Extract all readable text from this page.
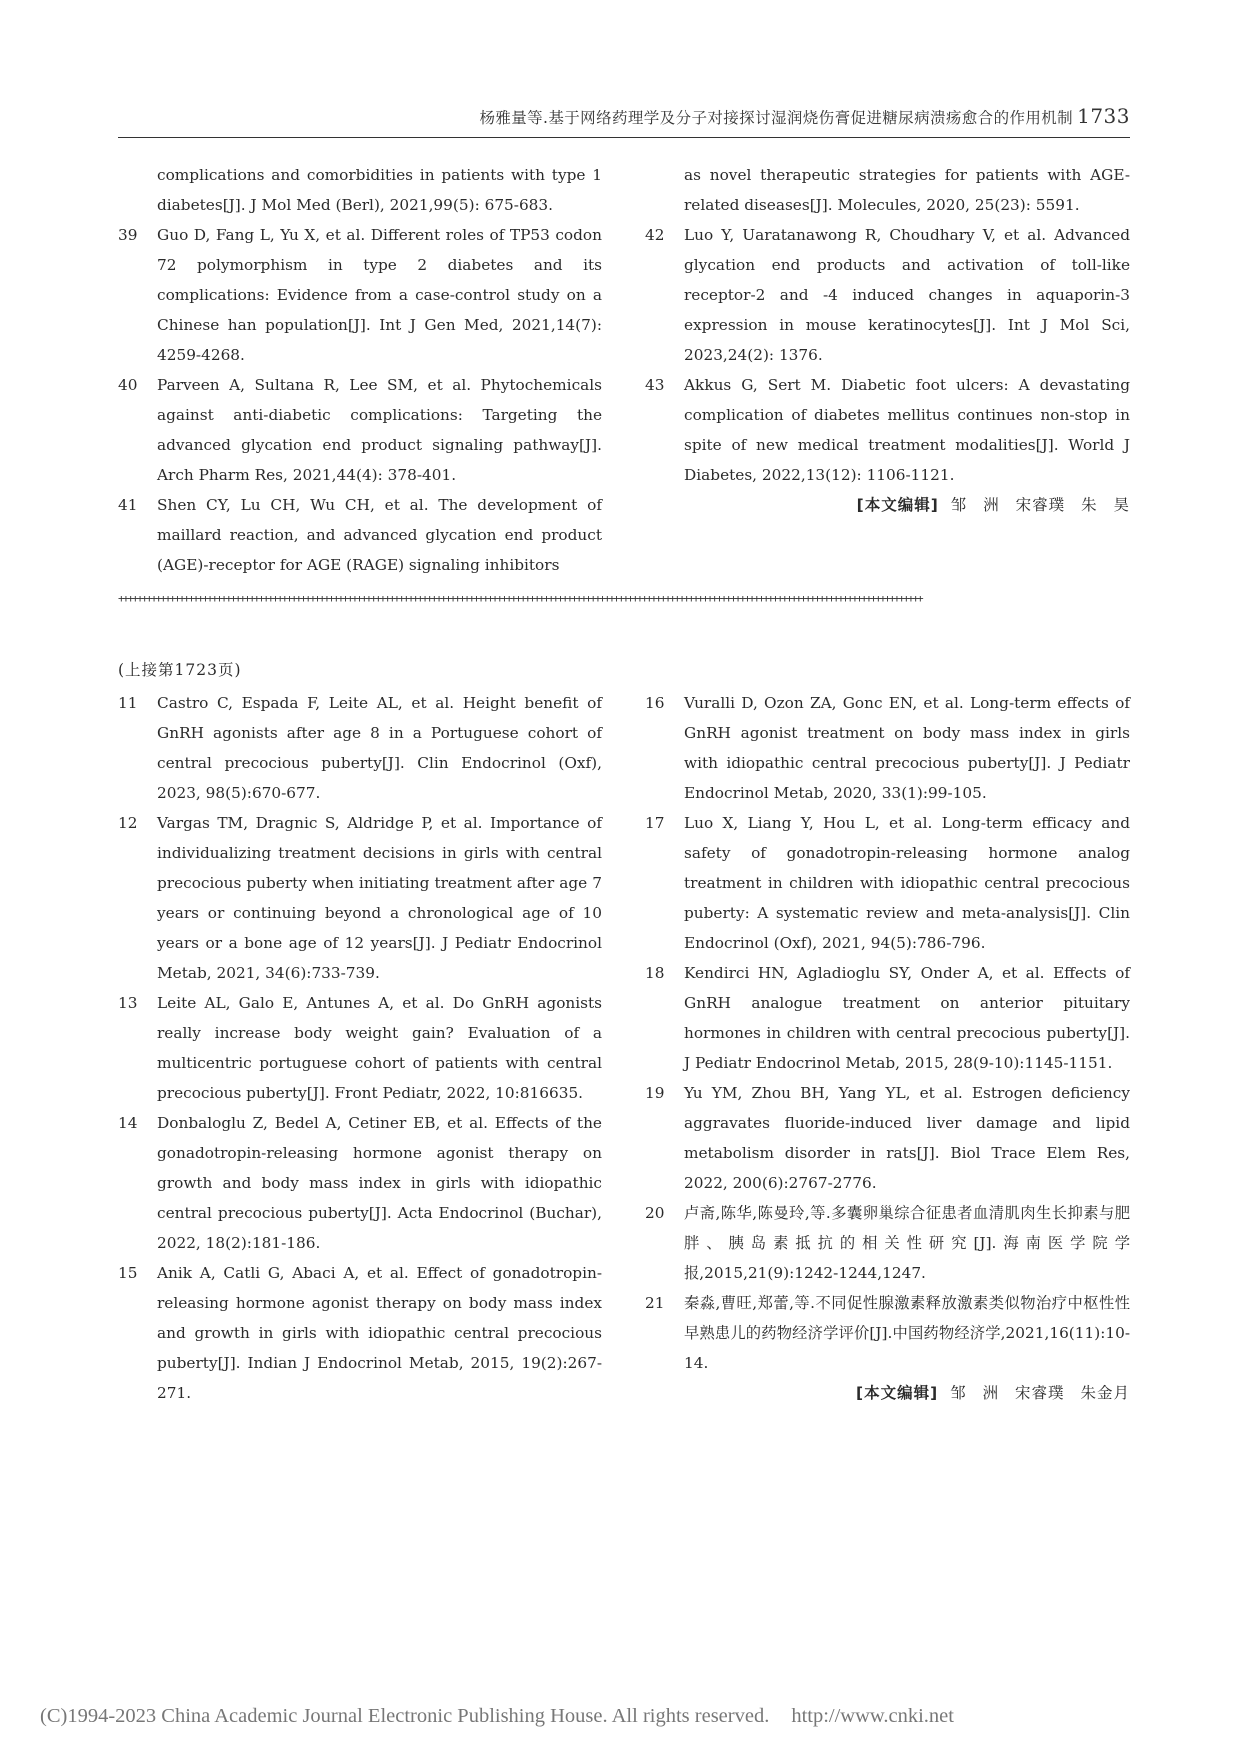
杨雅量等.基于网络药理学及分子对接探讨湿润烧伤膏促进糖尿病溃疡愈合的作用机制 1733
complications and comorbidities in patients with type 1 diabetes[J]. J Mol Med (Berl), 2021,99(5): 675-683.
39 Guo D, Fang L, Yu X, et al. Different roles of TP53 codon 72 polymorphism in type 2 diabetes and its complications: Evidence from a case-control study on a Chinese han population[J]. Int J Gen Med, 2021,14(7): 4259-4268.
40 Parveen A, Sultana R, Lee SM, et al. Phytochemicals against anti-diabetic complications: Targeting the advanced glycation end product signaling pathway[J]. Arch Pharm Res, 2021,44(4): 378-401.
41 Shen CY, Lu CH, Wu CH, et al. The development of maillard reaction, and advanced glycation end product (AGE)-receptor for AGE (RAGE) signaling inhibitors
as novel therapeutic strategies for patients with AGE-related diseases[J]. Molecules, 2020, 25(23): 5591.
42 Luo Y, Uaratanawong R, Choudhary V, et al. Advanced glycation end products and activation of toll-like receptor-2 and -4 induced changes in aquaporin-3 expression in mouse keratinocytes[J]. Int J Mol Sci, 2023,24(2): 1376.
43 Akkus G, Sert M. Diabetic foot ulcers: A devastating complication of diabetes mellitus continues non-stop in spite of new medical treatment modalities[J]. World J Diabetes, 2022,13(12): 1106-1121.
[本文编辑] 邹 洲 宋睿璞 朱 昊
++++++++++++++++++++++++++++++++++++++++++++++++++++++++++++++++++++++++++++++++++++++++++++++++++++++++++++++++++++++++++++++++++++++++++++++++++++++++++++++++++++++++++++
(上接第1723页)
11 Castro C, Espada F, Leite AL, et al. Height benefit of GnRH agonists after age 8 in a Portuguese cohort of central precocious puberty[J]. Clin Endocrinol (Oxf), 2023, 98(5):670-677.
12 Vargas TM, Dragnic S, Aldridge P, et al. Importance of individualizing treatment decisions in girls with central precocious puberty when initiating treatment after age 7 years or continuing beyond a chronological age of 10 years or a bone age of 12 years[J]. J Pediatr Endocrinol Metab, 2021, 34(6):733-739.
13 Leite AL, Galo E, Antunes A, et al. Do GnRH agonists really increase body weight gain? Evaluation of a multicentric portuguese cohort of patients with central precocious puberty[J]. Front Pediatr, 2022, 10:816635.
14 Donbaloglu Z, Bedel A, Cetiner EB, et al. Effects of the gonadotropin-releasing hormone agonist therapy on growth and body mass index in girls with idiopathic central precocious puberty[J]. Acta Endocrinol (Buchar), 2022, 18(2):181-186.
15 Anik A, Catli G, Abaci A, et al. Effect of gonadotropin-releasing hormone agonist therapy on body mass index and growth in girls with idiopathic central precocious puberty[J]. Indian J Endocrinol Metab, 2015, 19(2):267-271.
16 Vuralli D, Ozon ZA, Gonc EN, et al. Long-term effects of GnRH agonist treatment on body mass index in girls with idiopathic central precocious puberty[J]. J Pediatr Endocrinol Metab, 2020, 33(1):99-105.
17 Luo X, Liang Y, Hou L, et al. Long-term efficacy and safety of gonadotropin-releasing hormone analog treatment in children with idiopathic central precocious puberty: A systematic review and meta-analysis[J]. Clin Endocrinol (Oxf), 2021, 94(5):786-796.
18 Kendirci HN, Agladioglu SY, Onder A, et al. Effects of GnRH analogue treatment on anterior pituitary hormones in children with central precocious puberty[J]. J Pediatr Endocrinol Metab, 2015, 28(9-10):1145-1151.
19 Yu YM, Zhou BH, Yang YL, et al. Estrogen deficiency aggravates fluoride-induced liver damage and lipid metabolism disorder in rats[J]. Biol Trace Elem Res, 2022, 200(6):2767-2776.
20 卢斋,陈华,陈曼玲,等.多囊卵巢综合征患者血清肌肉生长抑素与肥胖、胰岛素抵抗的相关性研究[J].海南医学院学报,2015,21(9):1242-1244,1247.
21 秦淼,曹旺,郑蕾,等.不同促性腺激素释放激素类似物治疗中枢性性早熟患儿的药物经济学评价[J].中国药物经济学,2021,16(11):10-14.
[本文编辑] 邹 洲 宋睿璞 朱金月
(C)1994-2023 China Academic Journal Electronic Publishing House. All rights reserved. http://www.cnki.net
